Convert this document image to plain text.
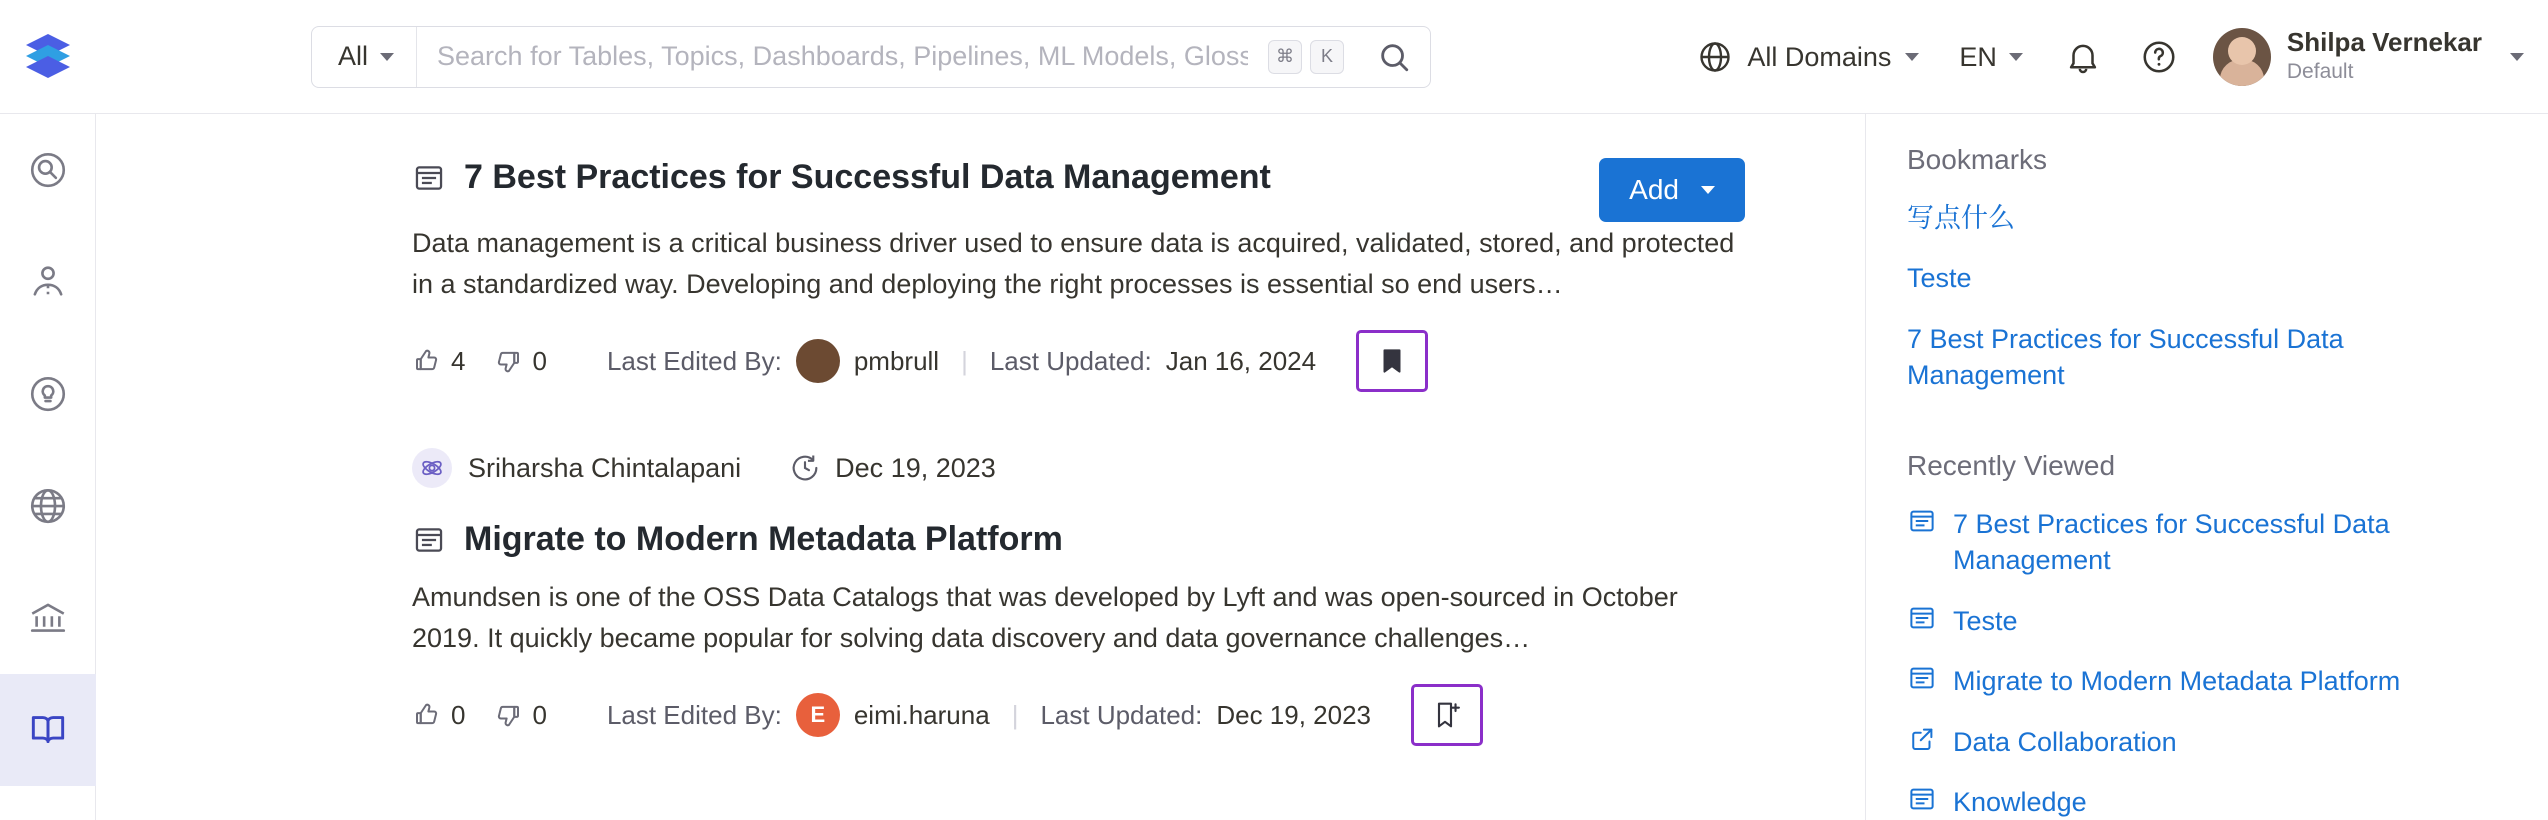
All
Search for Tables, Topics, Dashboards, Pipelines, ML Models, Gloss...	⌘	K	All Domains	EN	Shilpa Vernekar
Default
7 Best Practices for Successful Data Management	Add
Data management is a critical business driver used to ensure data is acquired, validated, stored, and protected in a standardized way. Developing and deploying the right processes is essential so end users…
4	0 Last Edited By:	pmbrull | Last Updated: Jan 16, 2024
Sriharsha Chintalapani	Dec 19, 2023
Migrate to Modern Metadata Platform
Amundsen is one of the OSS Data Catalogs that was developed by Lyft and was open-sourced in October 2019. It quickly became popular for solving data discovery and data governance challenges…
0	0 Last Edited By:	E	eimi.haruna | Last Updated: Dec 19, 2023
Bookmarks
写点什么
Teste
7 Best Practices for Successful Data Management
Recently Viewed
7 Best Practices for Successful Data Management
Teste
Migrate to Modern Metadata Platform
Data Collaboration
Knowledge
